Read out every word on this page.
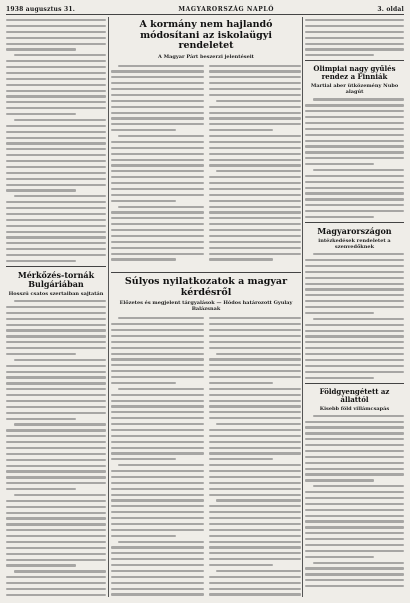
1938 augusztus 31.	MAGYARORSZÁG NAPLÓ	3. oldal
Mérkőzés-tornák Bulgáriában
Hosszú csatos szertaiban sajtatán
A kormány nem hajlandó módosítani az iskolaügyi rendeletet
A Magyar Párt beszerzi jelentéseit
Súlyos nyilatkozatok a magyar kérdésről
Előzetes és megjelent tárgyalások — Hódos határozott Gyulay Balázsnak
Olimpiai nagy gyűlés rendez a Finniák
Martial aber ütközemény Nubo alagút
Magyarországon
intézkedések rendeletet a szenvedőknek
Földgyengétett az állattól
Kisebb föld villámcsapás
